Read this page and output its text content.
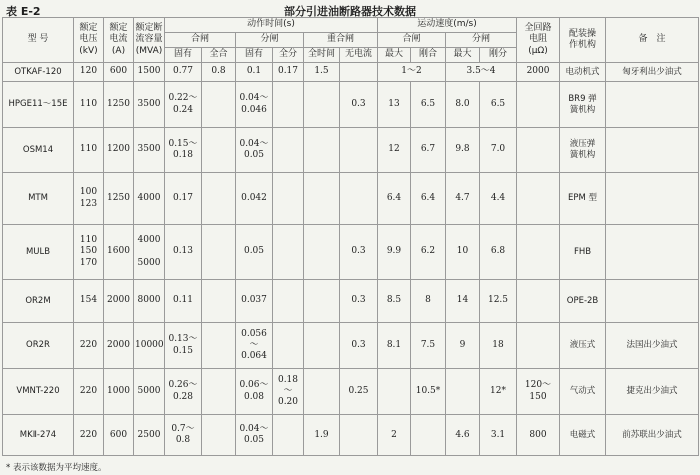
表 E-2	部分引进油断路器技术数据
型 号	额定
电压
(kV)	额定
电流
(A)	额定断
流容量
(MVA)	动作时间(s)						运动速度(m/s)				全回路
电阻
(μΩ)	配装操
作机构	备　注
				合闸		分闸		重合闸		合闸		分闸				
				固有	全合	固有	全分	全时间	无电流	最大	刚合	最大	刚分			
OTKAF-120	120	600	1500	0.77	0.8	0.1	0.17	1.5		1～2		3.5～4		2000	电动机式	匈牙利出少油式
HPGE11～15E	110	1250	3500	0.22～
0.24		0.04～
0.046			0.3	13	6.5	8.0	6.5		BR9 弹
簧机构	
OSM14	110	1200	3500	0.15～
0.18		0.04～
0.05				12	6.7	9.8	7.0		液压弹
簧机构	
MTM	100
123	1250	4000	0.17		0.042				6.4	6.4	4.7	4.4		EPM 型	
MULB	110
150
170	1600	4000

5000	0.13		0.05			0.3	9.9	6.2	10	6.8		FHB	
OR2M	154	2000	8000	0.11		0.037			0.3	8.5	8	14	12.5		OPE-2B	
OR2R	220	2000	10000	0.13～
0.15		0.056～
0.064			0.3	8.1	7.5	9	18		液压式	法国出少油式
VMNT-220	220	1000	5000	0.26～
0.28		0.06～
0.08	0.18～
0.20		0.25		10.5*		12*	120～
150	气动式	捷克出少油式
MKⅡ-274	220	600	2500	0.7～
0.8		0.04～
0.05		1.9		2		4.6	3.1	800	电磁式	前苏联出少油式
* 表示该数据为平均速度。
